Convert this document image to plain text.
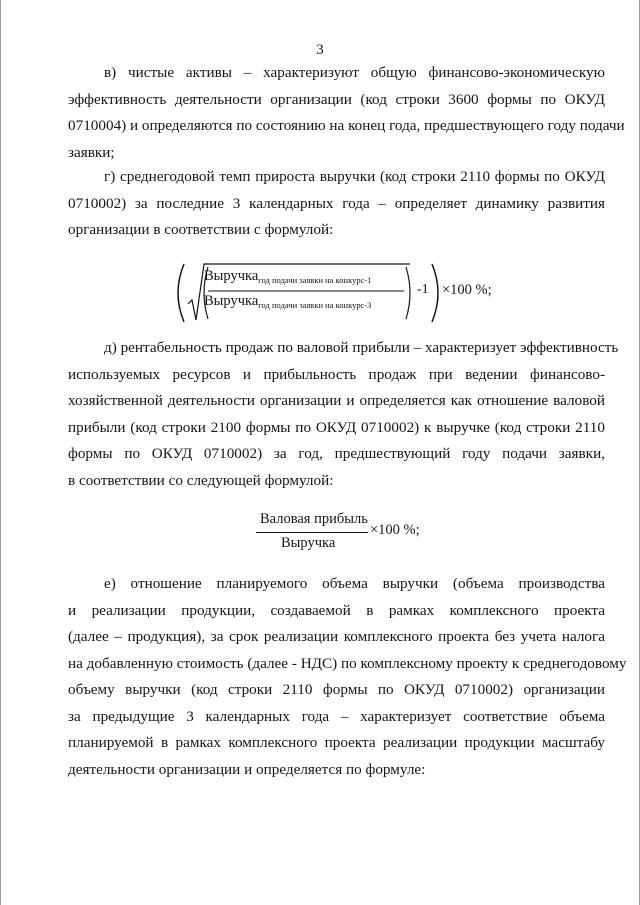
3
в) чистые активы – характеризуют общую финансово-экономическую
эффективность деятельности организации (код строки 3600 формы по ОКУД
0710004) и определяются по состоянию на конец года, предшествующего году подачи
заявки;
г) среднегодовой темп прироста выручки (код строки 2110 формы по ОКУД
0710002) за последние 3 календарных года – определяет динамику развития
организации в соответствии с формулой:
Выручка$_{год подачи заявки на конкурс-1}$
Выручка$_{год подачи заявки на конкурс-3}$
-1 ×100 %;
д) рентабельность продаж по валовой прибыли – характеризует эффективность
используемых ресурсов и прибыльность продаж при ведении финансово-
хозяйственной деятельности организации и определяется как отношение валовой
прибыли (код строки 2100 формы по ОКУД 0710002) к выручке (код строки 2110
формы по ОКУД 0710002) за год, предшествующий году подачи заявки,
в соответствии со следующей формулой:
Валовая прибыль
Выручка
×100 %;
е) отношение планируемого объема выручки (объема производства
и реализации продукции, создаваемой в рамках комплексного проекта
(далее – продукция), за срок реализации комплексного проекта без учета налога
на добавленную стоимость (далее - НДС) по комплексному проекту к среднегодовому
объему выручки (код строки 2110 формы по ОКУД 0710002) организации
за предыдущие 3 календарных года – характеризует соответствие объема
планируемой в рамках комплексного проекта реализации продукции масштабу
деятельности организации и определяется по формуле:
